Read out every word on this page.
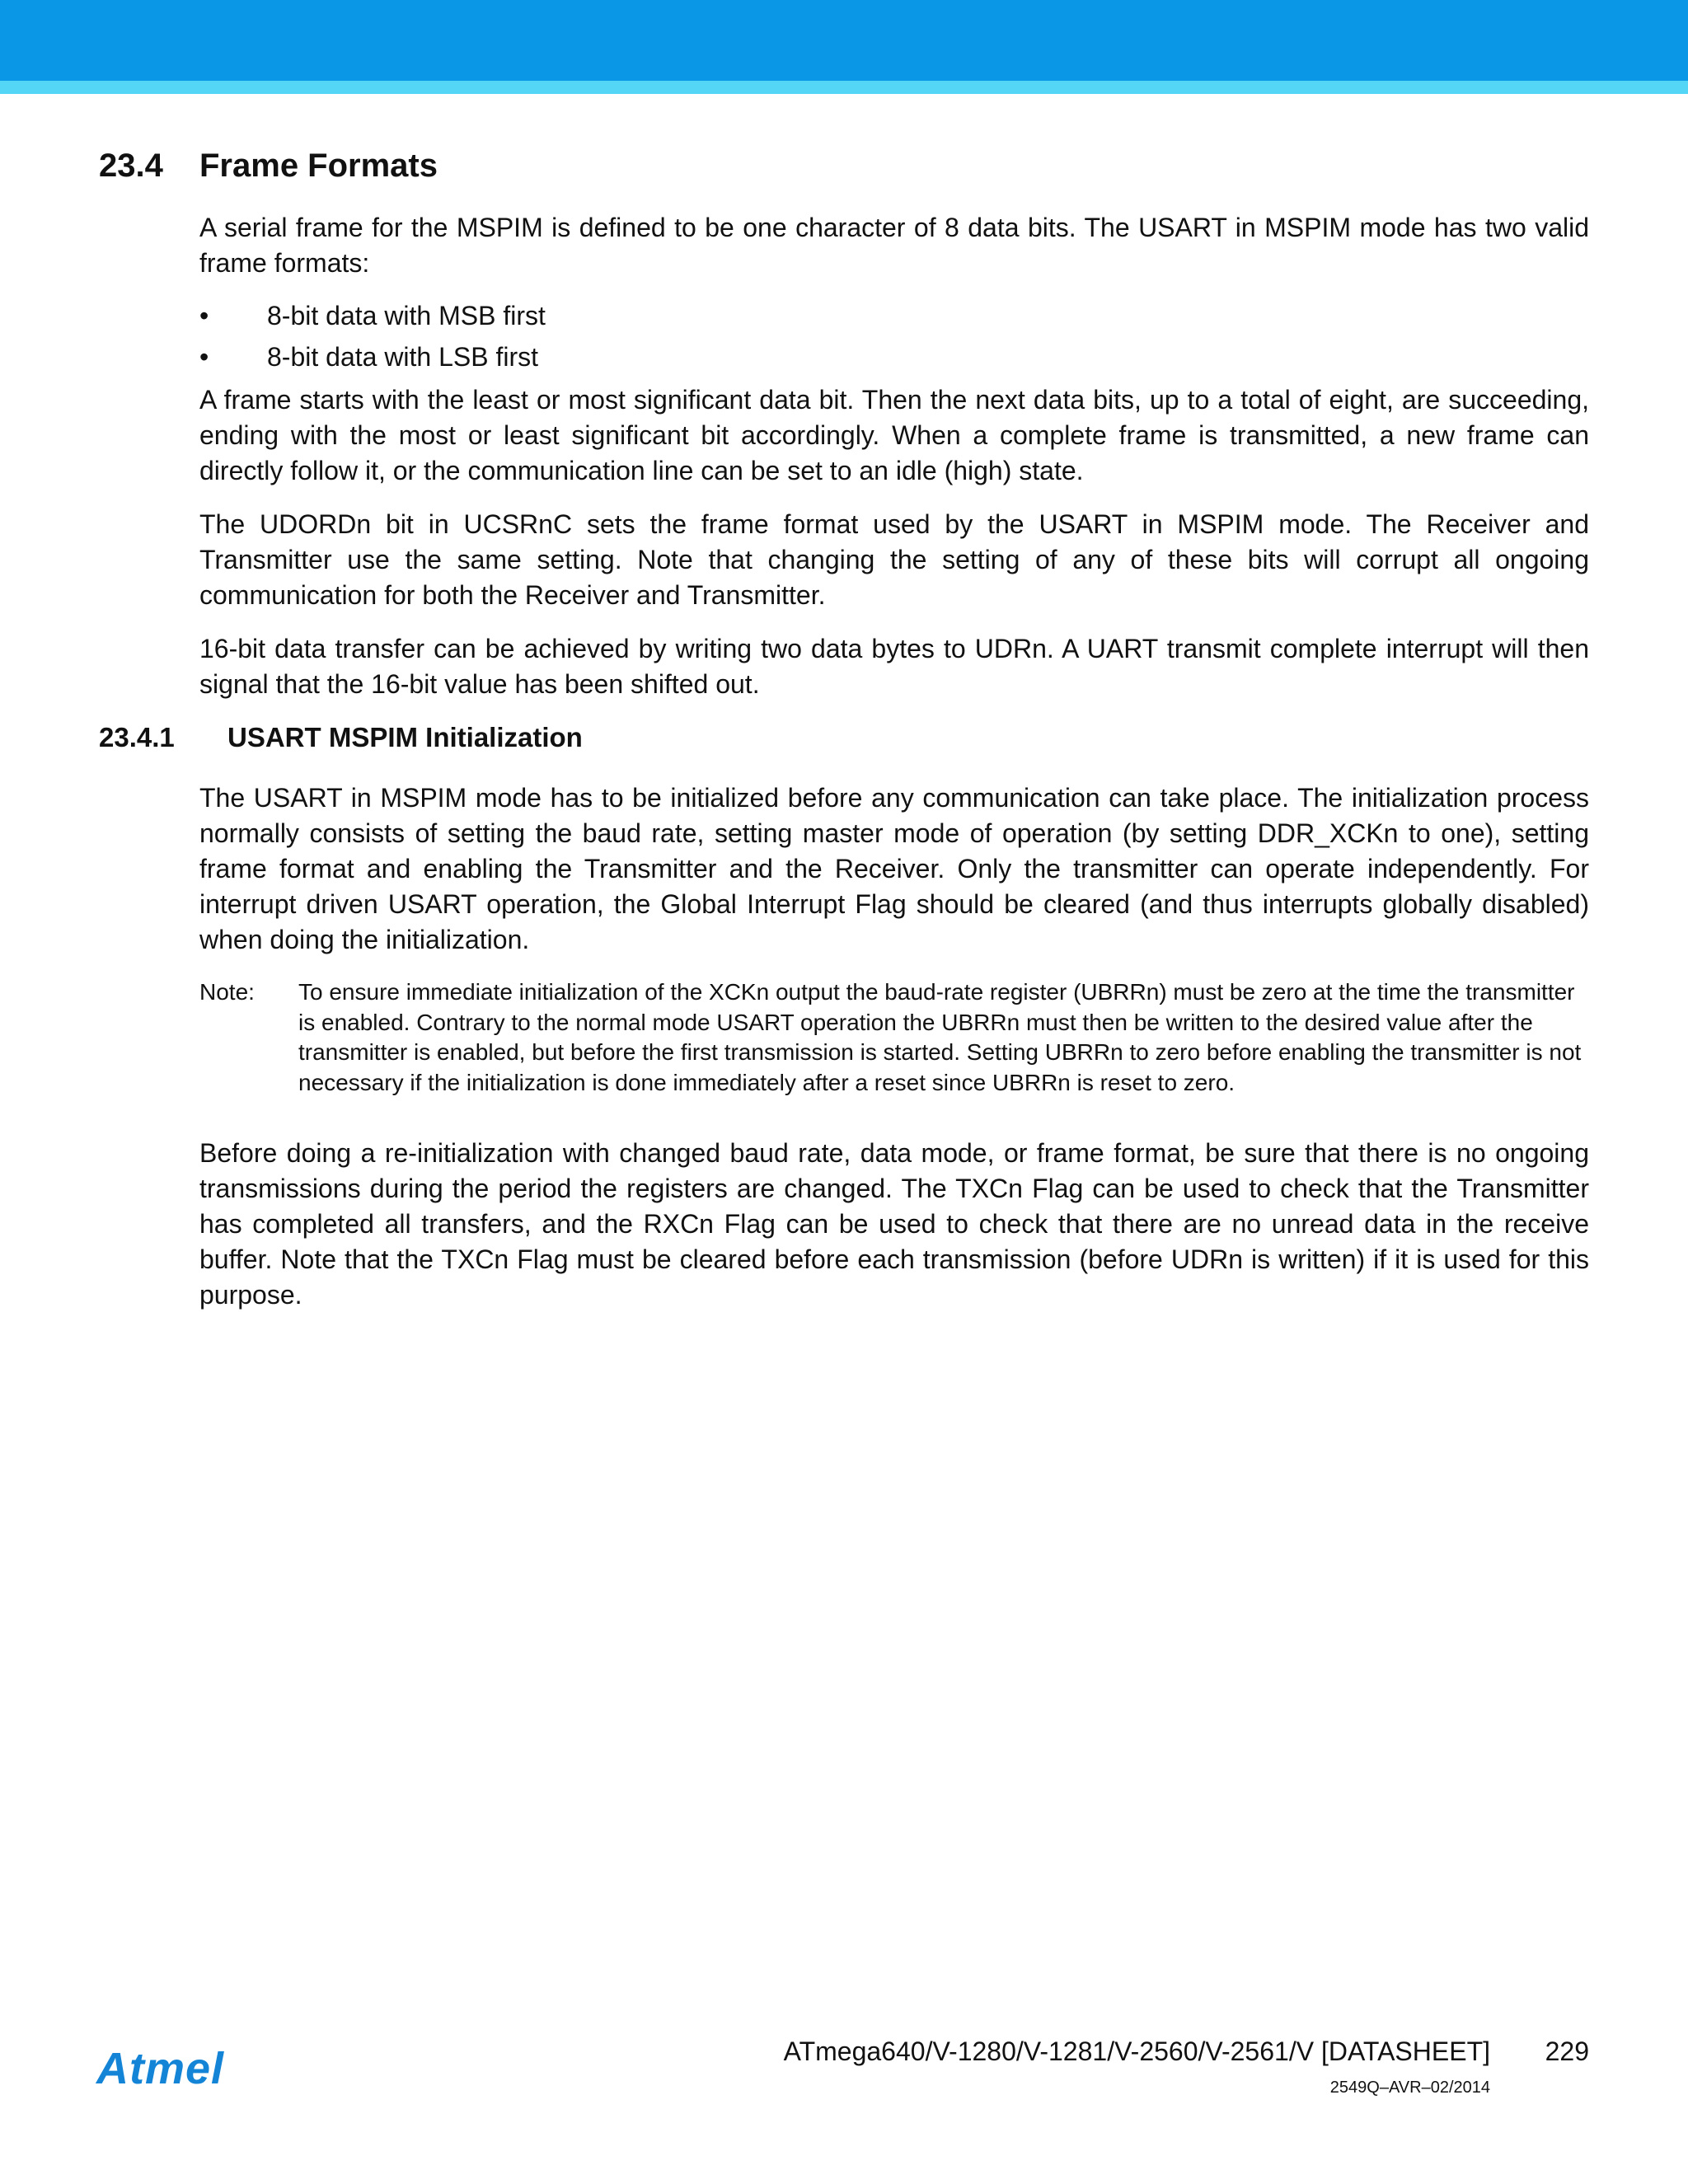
23.4 Frame Formats

A serial frame for the MSPIM is defined to be one character of 8 data bits. The USART in MSPIM mode has two valid frame formats:

• 8-bit data with MSB first
• 8-bit data with LSB first

A frame starts with the least or most significant data bit. Then the next data bits, up to a total of eight, are succeeding, ending with the most or least significant bit accordingly. When a complete frame is transmitted, a new frame can directly follow it, or the communication line can be set to an idle (high) state.

The UDORDn bit in UCSRnC sets the frame format used by the USART in MSPIM mode. The Receiver and Transmitter use the same setting. Note that changing the setting of any of these bits will corrupt all ongoing communication for both the Receiver and Transmitter.

16-bit data transfer can be achieved by writing two data bytes to UDRn. A UART transmit complete interrupt will then signal that the 16-bit value has been shifted out.

23.4.1 USART MSPIM Initialization

The USART in MSPIM mode has to be initialized before any communication can take place. The initialization process normally consists of setting the baud rate, setting master mode of operation (by setting DDR_XCKn to one), setting frame format and enabling the Transmitter and the Receiver. Only the transmitter can operate independently. For interrupt driven USART operation, the Global Interrupt Flag should be cleared (and thus interrupts globally disabled) when doing the initialization.

Note: To ensure immediate initialization of the XCKn output the baud-rate register (UBRRn) must be zero at the time the transmitter is enabled. Contrary to the normal mode USART operation the UBRRn must then be written to the desired value after the transmitter is enabled, but before the first transmission is started. Setting UBRRn to zero before enabling the transmitter is not necessary if the initialization is done immediately after a reset since UBRRn is reset to zero.

Before doing a re-initialization with changed baud rate, data mode, or frame format, be sure that there is no ongoing transmissions during the period the registers are changed. The TXCn Flag can be used to check that the Transmitter has completed all transfers, and the RXCn Flag can be used to check that there are no unread data in the receive buffer. Note that the TXCn Flag must be cleared before each transmission (before UDRn is written) if it is used for this purpose.

Atmel	ATmega640/V-1280/V-1281/V-2560/V-2561/V [DATASHEET]	229
2549Q–AVR–02/2014
